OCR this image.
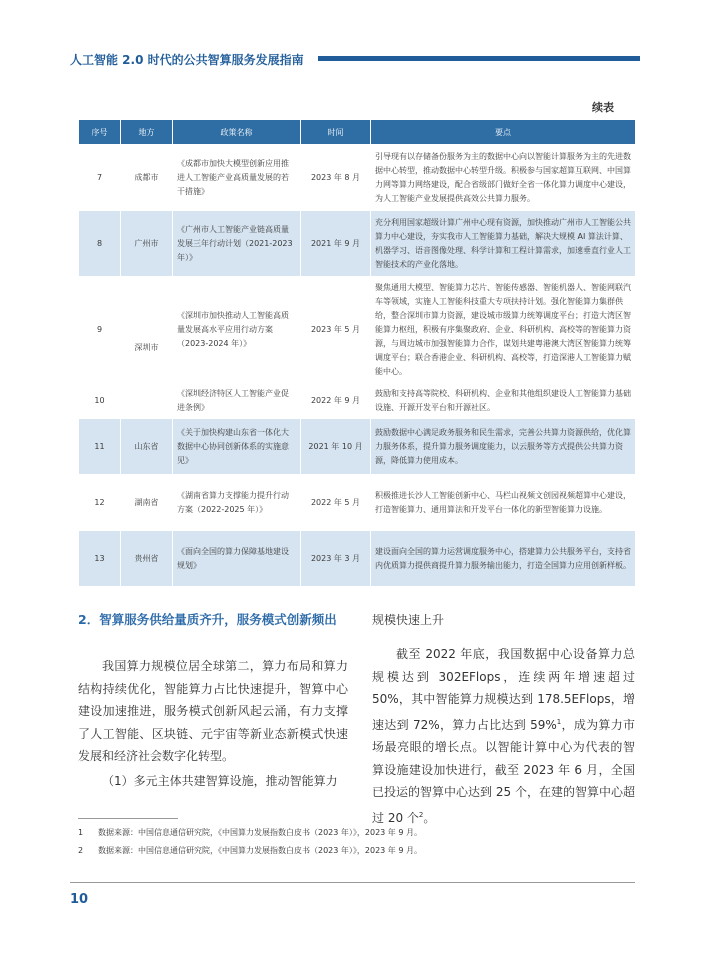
人工智能 2.0 时代的公共智算服务发展指南
续表
序号	地方	政策名称	时间	要点
7	成都市	《成都市加快大模型创新应用推进人工智能产业高质量发展的若干措施》	2023 年 8 月	引导现有以存储备份服务为主的数据中心向以智能计算服务为主的先进数据中心转型，推动数据中心转型升级。积极参与国家超算互联网、中国算力网等算力网络建设，配合省级部门做好全省一体化算力调度中心建设，为人工智能产业发展提供高效公共算力服务。
8	广州市	《广州市人工智能产业链高质量发展三年行动计划（2021-2023 年）》	2021 年 9 月	充分利用国家超级计算广州中心现有资源，加快推动广州市人工智能公共算力中心建设，夯实我市人工智能算力基础，解决大规模 AI 算法计算、机器学习、语音图像处理、科学计算和工程计算需求，加速垂直行业人工智能技术的产业化落地。
9	深圳市	《深圳市加快推动人工智能高质量发展高水平应用行动方案（2023-2024 年）》	2023 年 5 月	聚焦通用大模型、智能算力芯片、智能传感器、智能机器人、智能网联汽车等领域，实施人工智能科技重大专项扶持计划。强化智能算力集群供给，整合深圳市算力资源，建设城市级算力统筹调度平台；打造大湾区智能算力枢纽，积极有序集聚政府、企业、科研机构、高校等的智能算力资源，与周边城市加强智能算力合作，谋划共建粤港澳大湾区智能算力统筹调度平台；联合香港企业、科研机构、高校等，打造深港人工智能算力赋能中心。
10		《深圳经济特区人工智能产业促进条例》	2022 年 9 月	鼓励和支持高等院校、科研机构、企业和其他组织建设人工智能算力基础设施、开源开发平台和开源社区。
11	山东省	《关于加快构建山东省一体化大数据中心协同创新体系的实施意见》	2021 年 10 月	鼓励数据中心满足政务服务和民生需求，完善公共算力资源供给，优化算力服务体系，提升算力服务调度能力，以云服务等方式提供公共算力资源，降低算力使用成本。
12	湖南省	《湖南省算力支撑能力提升行动方案（2022-2025 年）》	2022 年 5 月	积极推进长沙人工智能创新中心、马栏山视频文创园视频超算中心建设，打造智能算力、通用算法和开发平台一体化的新型智能算力设施。
13	贵州省	《面向全国的算力保障基地建设规划》	2023 年 3 月	建设面向全国的算力运营调度服务中心，搭建算力公共服务平台，支持省内优质算力提供商提升算力服务输出能力，打造全国算力应用创新样板。
2．智算服务供给量质齐升，服务模式创新频出
我国算力规模位居全球第二，算力布局和算力结构持续优化，智能算力占比快速提升，智算中心建设加速推进，服务模式创新风起云涌，有力支撑了人工智能、区块链、元宇宙等新业态新模式快速发展和经济社会数字化转型。
（1）多元主体共建智算设施，推动智能算力
规模快速上升
截至 2022 年底，我国数据中心设备算力总规模达到 302EFlops，连续两年增速超过 50%，其中智能算力规模达到 178.5EFlops，增速达到 72%，算力占比达到 59%$^1$，成为算力市场最亮眼的增长点。以智能计算中心为代表的智算设施建设加快进行，截至 2023 年 6 月，全国已投运的智算中心达到 25 个，在建的智算中心超过 20 个$^2$。
1 数据来源：中国信息通信研究院，《中国算力发展指数白皮书（2023 年）》，2023 年 9 月。
2 数据来源：中国信息通信研究院，《中国算力发展指数白皮书（2023 年）》，2023 年 9 月。
10
